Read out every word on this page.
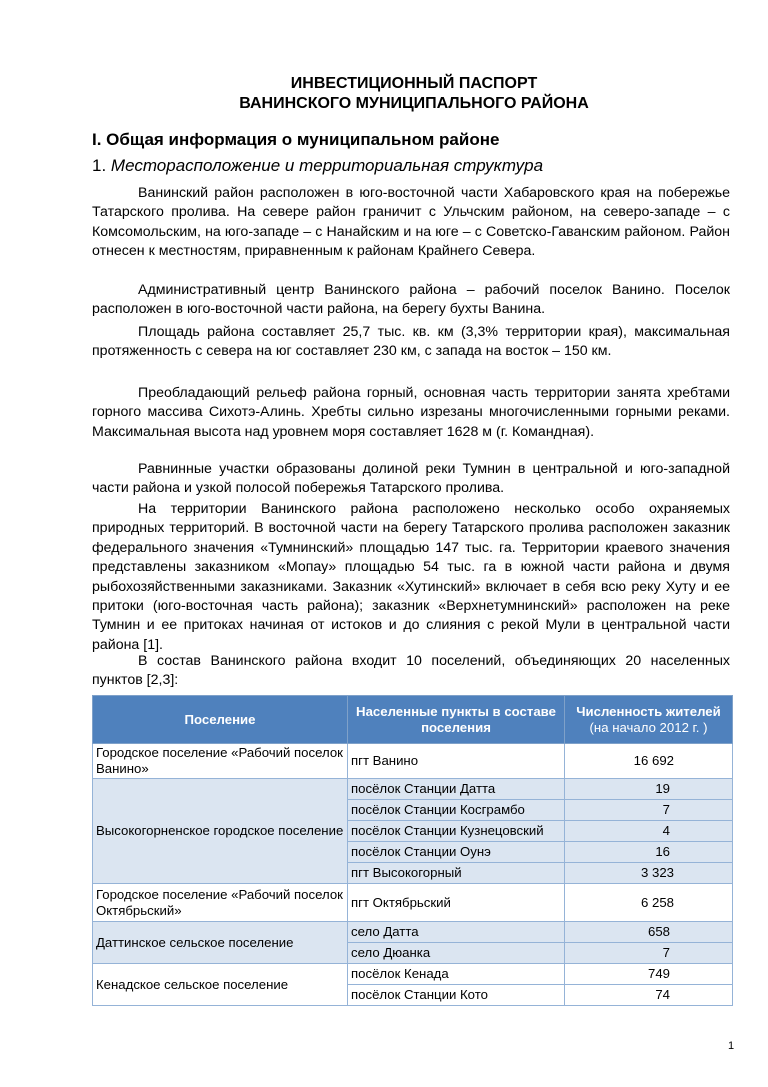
ИНВЕСТИЦИОННЫЙ ПАСПОРТ
ВАНИНСКОГО МУНИЦИПАЛЬНОГО РАЙОНА
I. Общая информация о муниципальном районе
1. Месторасположение и территориальная структура

Ванинский район расположен в юго-восточной части Хабаровского края на побережье Татарского пролива. На севере район граничит с Ульчским районом, на северо-западе – с Комсомольским, на юго-западе – с Нанайским и на юге – с Советско-Гаванским районом. Район отнесен к местностям, приравненным к районам Крайнего Севера.

Административный центр Ванинского района – рабочий поселок Ванино. Поселок расположен в юго-восточной части района, на берегу бухты Ванина.

Площадь района составляет 25,7 тыс. кв. км (3,3% территории края), максимальная протяженность с севера на юг составляет 230 км, с запада на восток – 150 км.

Преобладающий рельеф района горный, основная часть территории занята хребтами горного массива Сихотэ-Алинь. Хребты сильно изрезаны многочисленными горными реками. Максимальная высота над уровнем моря составляет 1628 м (г. Командная).

Равнинные участки образованы долиной реки Тумнин в центральной и юго-западной части района и узкой полосой побережья Татарского пролива.

На территории Ванинского района расположено несколько особо охраняемых природных территорий. В восточной части на берегу Татарского пролива расположен заказник федерального значения «Тумнинский» площадью 147 тыс. га. Территории краевого значения представлены заказником «Мопау» площадью 54 тыс. га в южной части района и двумя рыбохозяйственными заказниками. Заказник «Хутинский» включает в себя всю реку Хуту и ее притоки (юго-восточная часть района); заказник «Верхнетумнинский» расположен на реке Тумнин и ее притоках начиная от истоков и до слияния с рекой Мули в центральной части района [1].

В состав Ванинского района входит 10 поселений, объединяющих 20 населенных пунктов [2,3]:

Поселение	Населенные пункты в составе поселения	Численность жителей
(на начало 2012 г. )

Городское поселение «Рабочий поселок Ванино»	пгт Ванино	16 692
Высокогорненское городское поселение	посёлок Станции Датта	19
	посёлок Станции Косграмбо	7
	посёлок Станции Кузнецовский	4
	посёлок Станции Оунэ	16
	пгт Высокогорный	3 323
Городское поселение «Рабочий поселок Октябрьский»	пгт Октябрьский	6 258
Даттинское сельское поселение	село Датта	658
	село Дюанка	7
Кенадское сельское поселение	посёлок Кенада	749
	посёлок Станции Кото	74
1
